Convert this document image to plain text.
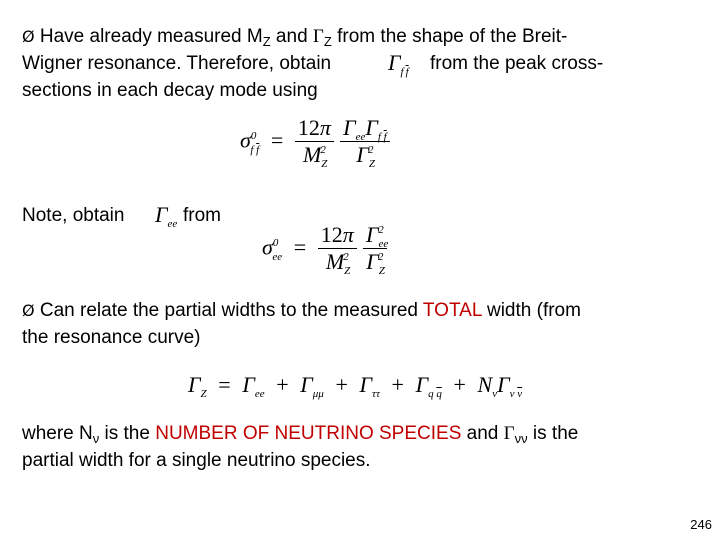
Ø Have already measured $M_Z$ and $\Gamma_Z$ from the shape of the Breit-
Wigner resonance. Therefore, obtain	$\Gamma_f$ $_{\overline{f}}$ from the peak cross-
sections in each decay mode using
$\sigma^0_{f \overline{f}} = \frac{12\pi}{M_Z^2}$
$\frac{\Gamma_{ee}\Gamma_{f \overline{f}}}{\Gamma_Z^2}$
Note, obtain $\Gamma_{ee}$ from
$\sigma^0_{ee} = \frac{12\pi}{M_Z^2}$
$\frac{\Gamma_{ee}^2}{\Gamma_Z^2}$
Ø Can relate the partial widths to the measured TOTAL width (from
the resonance curve)
$\Gamma_Z = \Gamma_{ee} + \Gamma_{\mu\mu} + \Gamma_{\tau\tau} + \Gamma_{q \overline{q}} + N_\nu\Gamma_{\nu \overline{\nu}}$
where $N_\nu$ is the NUMBER OF NEUTRINO SPECIES and $\Gamma_{\nu\nu}$ is the
partial width for a single neutrino species.
246
